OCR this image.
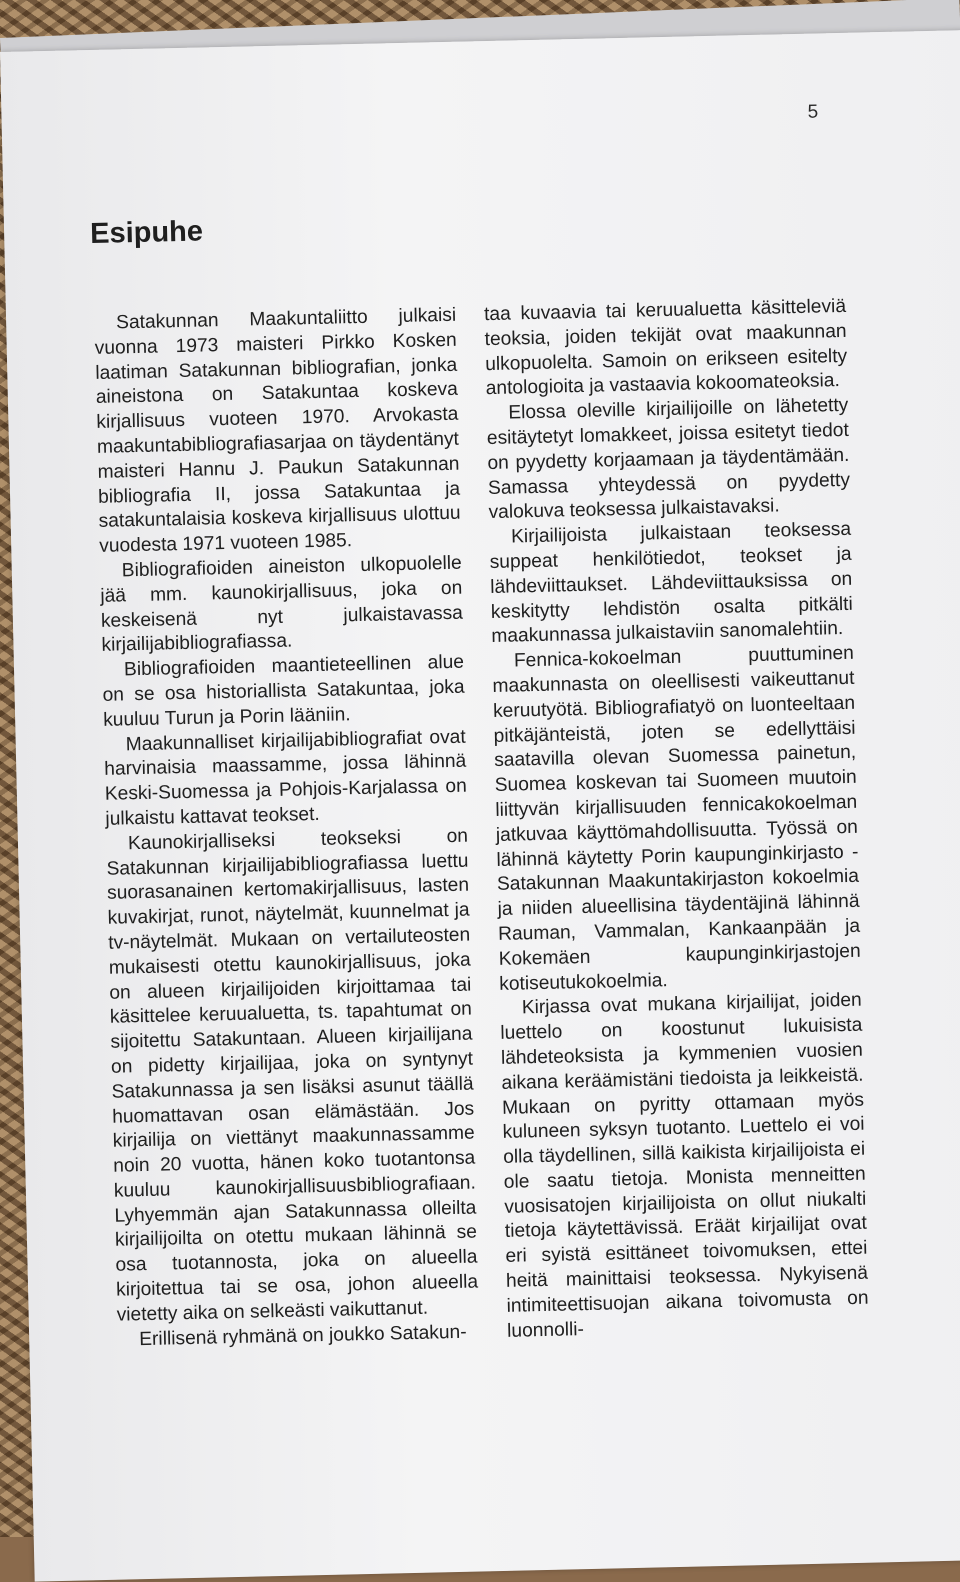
5
Esipuhe

Satakunnan Maakuntaliitto julkaisi vuonna 1973 maisteri Pirkko Kosken laatiman Satakunnan bibliografian, jonka aineistona on Satakuntaa koskeva kirjallisuus vuoteen 1970. Arvokasta maakuntabibliografiasarjaa on täydentänyt maisteri Hannu J. Paukun Satakunnan bibliografia II, jossa Satakuntaa ja satakuntalaisia koskeva kirjallisuus ulottuu vuodesta 1971 vuoteen 1985.

Bibliografioiden aineiston ulkopuolelle jää mm. kaunokirjallisuus, joka on keskeisenä nyt julkaistavassa kirjailijabibliografiassa.

Bibliografioiden maantieteellinen alue on se osa historiallista Satakuntaa, joka kuuluu Turun ja Porin lääniin.

Maakunnalliset kirjailijabibliografiat ovat harvinaisia maassamme, jossa lähinnä Keski-Suomessa ja Pohjois-Karjalassa on julkaistu kattavat teokset.

Kaunokirjalliseksi teokseksi on Satakunnan kirjailijabibliografiassa luettu suorasanainen kertomakirjallisuus, lasten kuvakirjat, runot, näytelmät, kuunnelmat ja tv-näytelmät. Mukaan on vertailuteosten mukaisesti otettu kaunokirjallisuus, joka on alueen kirjailijoiden kirjoittamaa tai käsittelee keruualuetta, ts. tapahtumat on sijoitettu Satakuntaan. Alueen kirjailijana on pidetty kirjailijaa, joka on syntynyt Satakunnassa ja sen lisäksi asunut täällä huomattavan osan elämästään. Jos kirjailija on viettänyt maakunnassamme noin 20 vuotta, hänen koko tuotantonsa kuuluu kaunokirjallisuusbibliografiaan. Lyhyemmän ajan Satakunnassa olleilta kirjailijoilta on otettu mukaan lähinnä se osa tuotannosta, joka on alueella kirjoitettua tai se osa, johon alueella vietetty aika on selkeästi vaikuttanut.

Erillisenä ryhmänä on joukko Satakun-

taa kuvaavia tai keruualuetta käsitteleviä teoksia, joiden tekijät ovat maakunnan ulkopuolelta. Samoin on erikseen esitelty antologioita ja vastaavia kokoomateoksia.

Elossa oleville kirjailijoille on lähetetty esitäytetyt lomakkeet, joissa esitetyt tiedot on pyydetty korjaamaan ja täydentämään. Samassa yhteydessä on pyydetty valokuva teoksessa julkaistavaksi.

Kirjailijoista julkaistaan teoksessa suppeat henkilötiedot, teokset ja lähdeviittaukset. Lähdeviittauksissa on keskitytty lehdistön osalta pitkälti maakunnassa julkaistaviin sanomalehtiin.

Fennica-kokoelman puuttuminen maakunnasta on oleellisesti vaikeuttanut keruutyötä. Bibliografiatyö on luonteeltaan pitkäjänteistä, joten se edellyttäisi saatavilla olevan Suomessa painetun, Suomea koskevan tai Suomeen muutoin liittyvän kirjallisuuden fennicakokoelman jatkuvaa käyttömahdollisuutta. Työssä on lähinnä käytetty Porin kaupunginkirjasto - Satakunnan Maakuntakirjaston kokoelmia ja niiden alueellisina täydentäjinä lähinnä Rauman, Vammalan, Kankaanpään ja Kokemäen kaupunginkirjastojen kotiseutukokoelmia.

Kirjassa ovat mukana kirjailijat, joiden luettelo on koostunut lukuisista lähdeteoksista ja kymmenien vuosien aikana keräämistäni tiedoista ja leikkeistä. Mukaan on pyritty ottamaan myös kuluneen syksyn tuotanto. Luettelo ei voi olla täydellinen, sillä kaikista kirjailijoista ei ole saatu tietoja. Monista menneitten vuosisatojen kirjailijoista on ollut niukalti tietoja käytettävissä. Eräät kirjailijat ovat eri syistä esittäneet toivomuksen, ettei heitä mainittaisi teoksessa. Nykyisenä intimiteettisuojan aikana toivomusta on luonnolli-
